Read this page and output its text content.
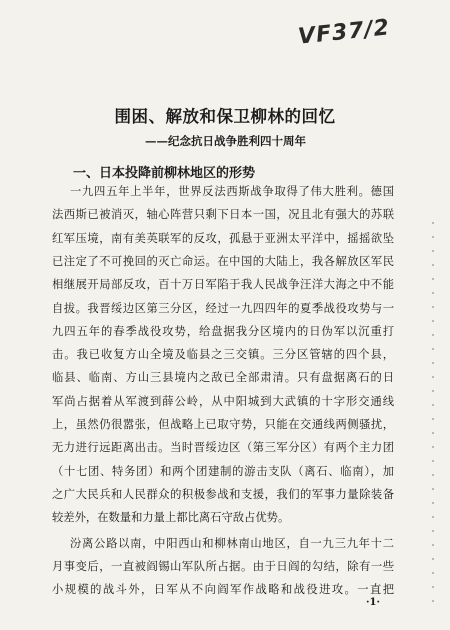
VF37/2
围困、解放和保卫柳林的回忆
——纪念抗日战争胜利四十周年
一、日本投降前柳林地区的形势
一九四五年上半年，世界反法西斯战争取得了伟大胜利。德国
法西斯已被消灭，轴心阵营只剩下日本一国，况且北有强大的苏联
红军压境，南有美英联军的反攻，孤悬于亚洲太平洋中，摇摇欲坠
已注定了不可挽回的灭亡命运。在中国的大陆上，我各解放区军民
相继展开局部反攻，百十万日军陷于我人民战争汪洋大海之中不能
自拔。我晋绥边区第三分区，经过一九四四年的夏季战役攻势与一
九四五年的春季战役攻势，给盘据我分区境内的日伪军以沉重打
击。我已收复方山全境及临县之三交镇。三分区管辖的四个县，
临县、临南、方山三县境内之敌已全部肃清。只有盘据离石的日
军尚占据着从军渡到薛公岭，从中阳城到大武镇的十字形交通线
上，虽然仍很嚣张，但战略上已取守势，只能在交通线两侧骚扰，
无力进行远距离出击。当时晋绥边区（第三军分区）有两个主力团
（十七团、特务团）和两个团建制的游击支队（离石、临南），加
之广大民兵和人民群众的积极参战和支援，我们的军事力量除装备
较差外，在数量和力量上都比离石守敌占优势。
汾离公路以南，中阳西山和柳林南山地区，自一九三九年十二
月事变后，一直被阎锡山军队所占据。由于日阎的勾结，除有一些
小规模的战斗外，日军从不向阎军作战略和战役进攻。一直把
·1·
